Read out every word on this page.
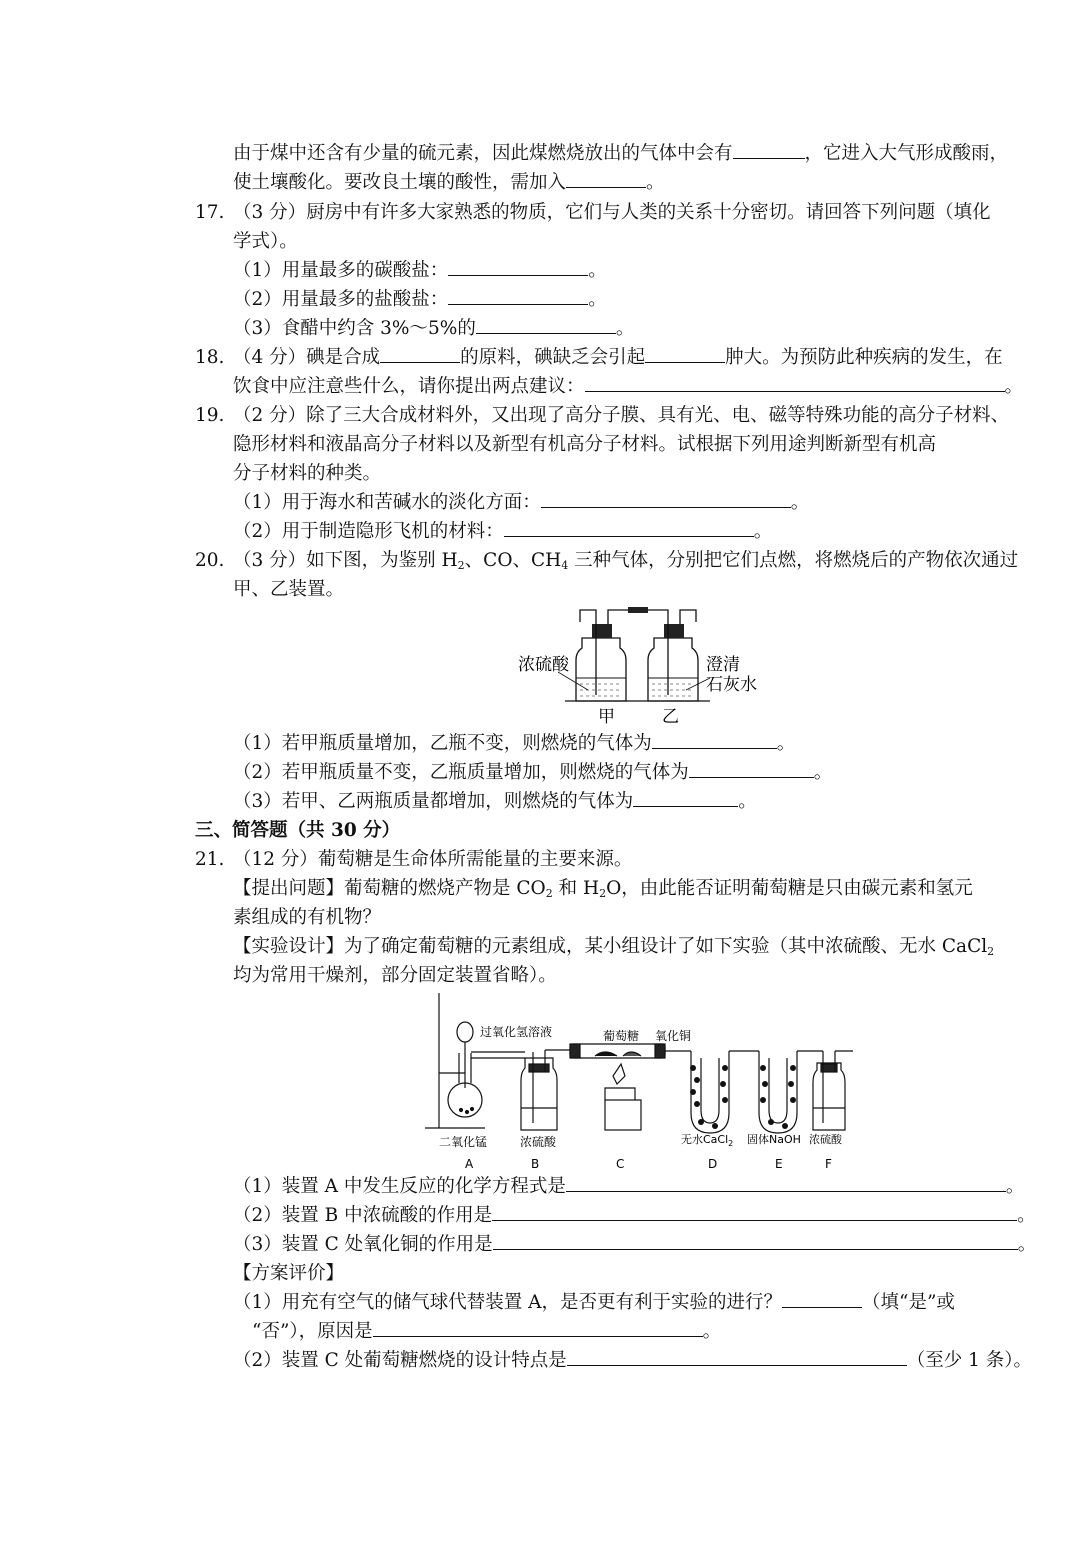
由于煤中还含有少量的硫元素，因此煤燃烧放出的气体中会有	，它进入大气形成酸雨，
使土壤酸化。要改良土壤的酸性，需加入	。
17. （3 分）厨房中有许多大家熟悉的物质，它们与人类的关系十分密切。请回答下列问题（填化
学式）。
（1）用量最多的碳酸盐：	。
（2）用量最多的盐酸盐：	。
（3）食醋中约含 3%～5%的	。
18. （4 分）碘是合成	的原料，碘缺乏会引起	肿大。为预防此种疾病的发生，在
饮食中应注意些什么，请你提出两点建议：	。
19. （2 分）除了三大合成材料外，又出现了高分子膜、具有光、电、磁等特殊功能的高分子材料、
隐形材料和液晶高分子材料以及新型有机高分子材料。试根据下列用途判断新型有机高
分子材料的种类。
（1）用于海水和苦碱水的淡化方面：	。
（2）用于制造隐形飞机的材料：	。
20. （3 分）如下图，为鉴别 $H_2$、CO、$CH_4$ 三种气体，分别把它们点燃，将燃烧后的产物依次通过
甲、乙装置。
浓硫酸	澄清
石灰水
甲	乙
（1）若甲瓶质量增加，乙瓶不变，则燃烧的气体为	。
（2）若甲瓶质量不变，乙瓶质量增加，则燃烧的气体为	。
（3）若甲、乙两瓶质量都增加，则燃烧的气体为	。
三、简答题（共 30 分）
21. （12 分）葡萄糖是生命体所需能量的主要来源。
【提出问题】葡萄糖的燃烧产物是 $CO_2$ 和 $H_2O$，由此能否证明葡萄糖是只由碳元素和氢元
素组成的有机物？
【实验设计】为了确定葡萄糖的元素组成，某小组设计了如下实验（其中浓硫酸、无水 CaCl$_2$
均为常用干燥剂，部分固定装置省略）。
过氧化氢溶液	葡萄糖 氧化铜
二氧化锰	浓硫酸	无水CaCl$_2$ 固体NaOH 浓硫酸
A	B	C	D	E	F
（1）装置 A 中发生反应的化学方程式是	。
（2）装置 B 中浓硫酸的作用是	。
（3）装置 C 处氧化铜的作用是	。
【方案评价】
（1）用充有空气的储气球代替装置 A，是否更有利于实验的进行？	（填“是”或
“否”），原因是	。
（2）装置 C 处葡萄糖燃烧的设计特点是	（至少 1 条）。
